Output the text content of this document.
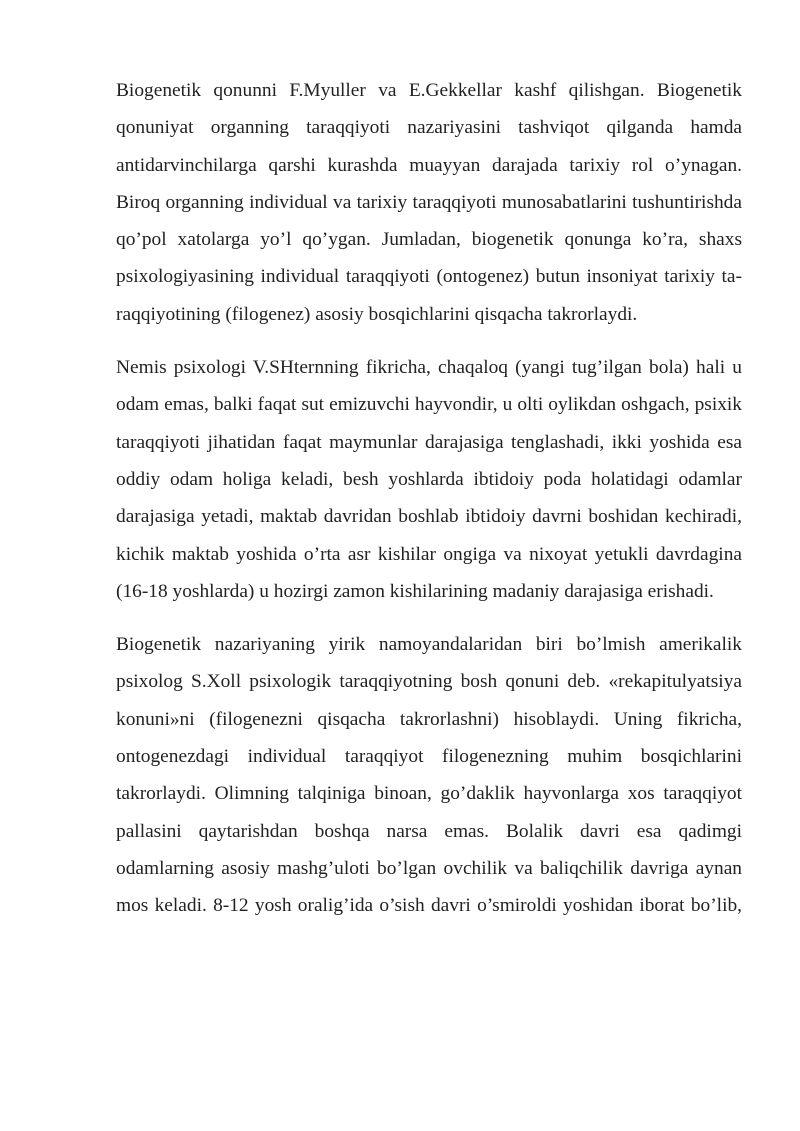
Biogenetik qonunni F.Myuller va E.Gekkellar kashf qilishgan. Biogenetik qonuniyat organning taraqqiyoti nazariyasini tashviqot qilganda hamda antidarvinchilarga qarshi kurashda muayyan darajada tarixiy rol o’ynagan. Biroq organning individual va tarixiy taraqqiyoti munosabatlarini tushuntirishda qo’pol xatolarga yo’l qo’ygan. Jumladan, biogenetik qonunga ko’ra, shaxs psixologiyasining individual taraqqiyoti (ontogenez) butun insoniyat tarixiy ta-raqqiyotining (filogenez) asosiy bosqichlarini qisqacha takrorlaydi.

Nemis psixologi V.SHternning fikricha, chaqaloq (yangi tug’ilgan bola) hali u odam emas, balki faqat sut emizuvchi hayvondir, u olti oylikdan oshgach, psixik taraqqiyoti jihatidan faqat maymunlar darajasiga tenglashadi, ikki yoshida esa oddiy odam holiga keladi, besh yoshlarda ibtidoiy poda holatidagi odamlar darajasiga yetadi, maktab davridan boshlab ibtidoiy davrni boshidan kechiradi, kichik maktab yoshida o’rta asr kishilar ongiga va nixoyat yetukli davrdagina (16-18 yoshlarda) u hozirgi zamon kishilarining madaniy darajasiga erishadi.

Biogenetik nazariyaning yirik namoyandalaridan biri bo’lmish amerikalik psixolog S.Xoll psixologik taraqqiyotning bosh qonuni deb. «rekapitulyatsiya konuni»ni (filogenezni qisqacha takrorlashni) hisoblaydi. Uning fikricha, ontogenezdagi individual taraqqiyot filogenezning muhim bosqichlarini takrorlaydi. Olimning talqiniga binoan, go’daklik hayvonlarga xos taraqqiyot pallasini qaytarishdan boshqa narsa emas. Bolalik davri esa qadimgi odamlarning asosiy mashg’uloti bo’lgan ovchilik va baliqchilik davriga aynan mos keladi. 8-12 yosh oralig’ida o’sish davri o’smiroldi yoshidan iborat bo’lib,
